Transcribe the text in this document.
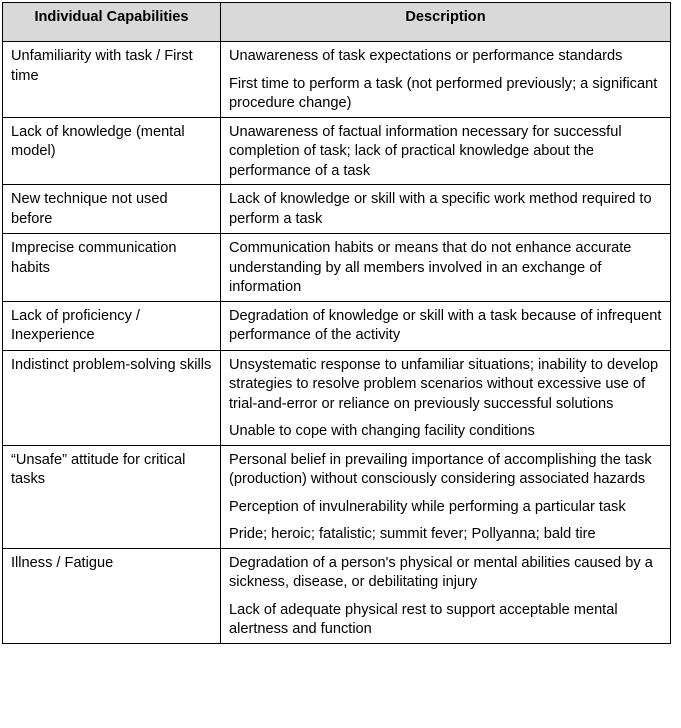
Individual Capabilities	Description
Unfamiliarity with task / First time	Unawareness of task expectations or performance standards
First time to perform a task (not performed previously; a significant procedure change)

Lack of knowledge (mental model)	Unawareness of factual information necessary for successful completion of task; lack of practical knowledge about the performance of a task

New technique not used before	Lack of knowledge or skill with a specific work method required to perform a task

Imprecise communication habits	Communication habits or means that do not enhance accurate understanding by all members involved in an exchange of information

Lack of proficiency / Inexperience	Degradation of knowledge or skill with a task because of infrequent performance of the activity

Indistinct problem-solving skills	Unsystematic response to unfamiliar situations; inability to develop strategies to resolve problem scenarios without excessive use of trial-and-error or reliance on previously successful solutions
Unable to cope with changing facility conditions

“Unsafe” attitude for critical tasks	Personal belief in prevailing importance of accomplishing the task (production) without consciously considering associated hazards
Perception of invulnerability while performing a particular task
Pride; heroic; fatalistic; summit fever; Pollyanna; bald tire

Illness / Fatigue	Degradation of a person's physical or mental abilities caused by a sickness, disease, or debilitating injury
Lack of adequate physical rest to support acceptable mental alertness and function
